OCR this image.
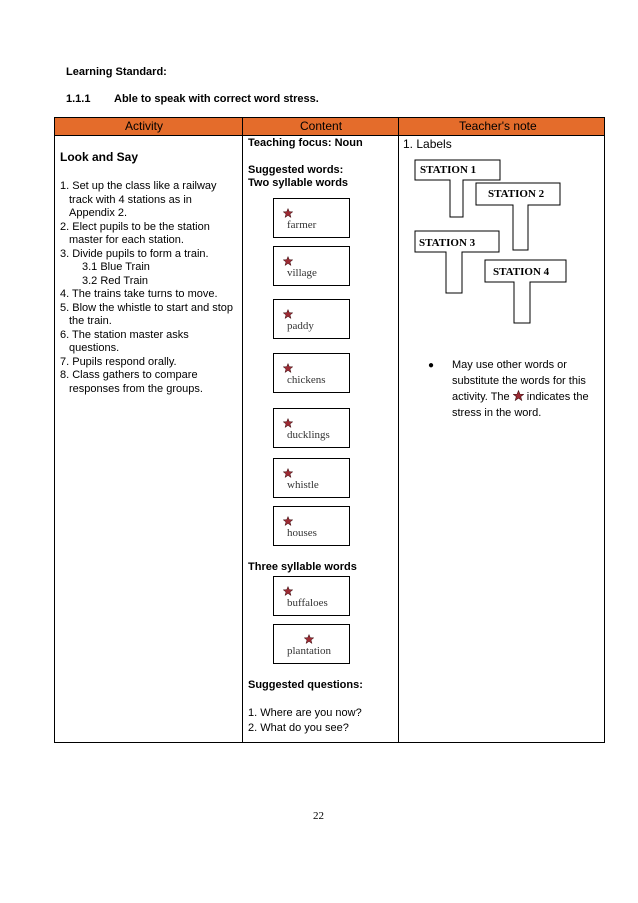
Learning Standard:
1.1.1 Able to speak with correct word stress.
Activity	Content	Teacher's note
Look and Say
1. Set up the class like a railway track with 4 stations as in Appendix 2.
2. Elect pupils to be the station master for each station.
3. Divide pupils to form a train.
3.1 Blue Train
3.2 Red Train
4. The trains take turns to move.
5. Blow the whistle to start and stop the train.
6. The station master asks questions.
7. Pupils respond orally.
8. Class gathers to compare responses from the groups.
Teaching focus: Noun
Suggested words:
Two syllable words
farmer
village
paddy
chickens
ducklings
whistle
houses
Three syllable words
buffaloes
plantation
Suggested questions:
1. Where are you now?
2. What do you see?
1. Labels
STATION 1
STATION 2
STATION 3
STATION 4
● May use other words or substitute the words for this activity. The indicates the stress in the word.
22
